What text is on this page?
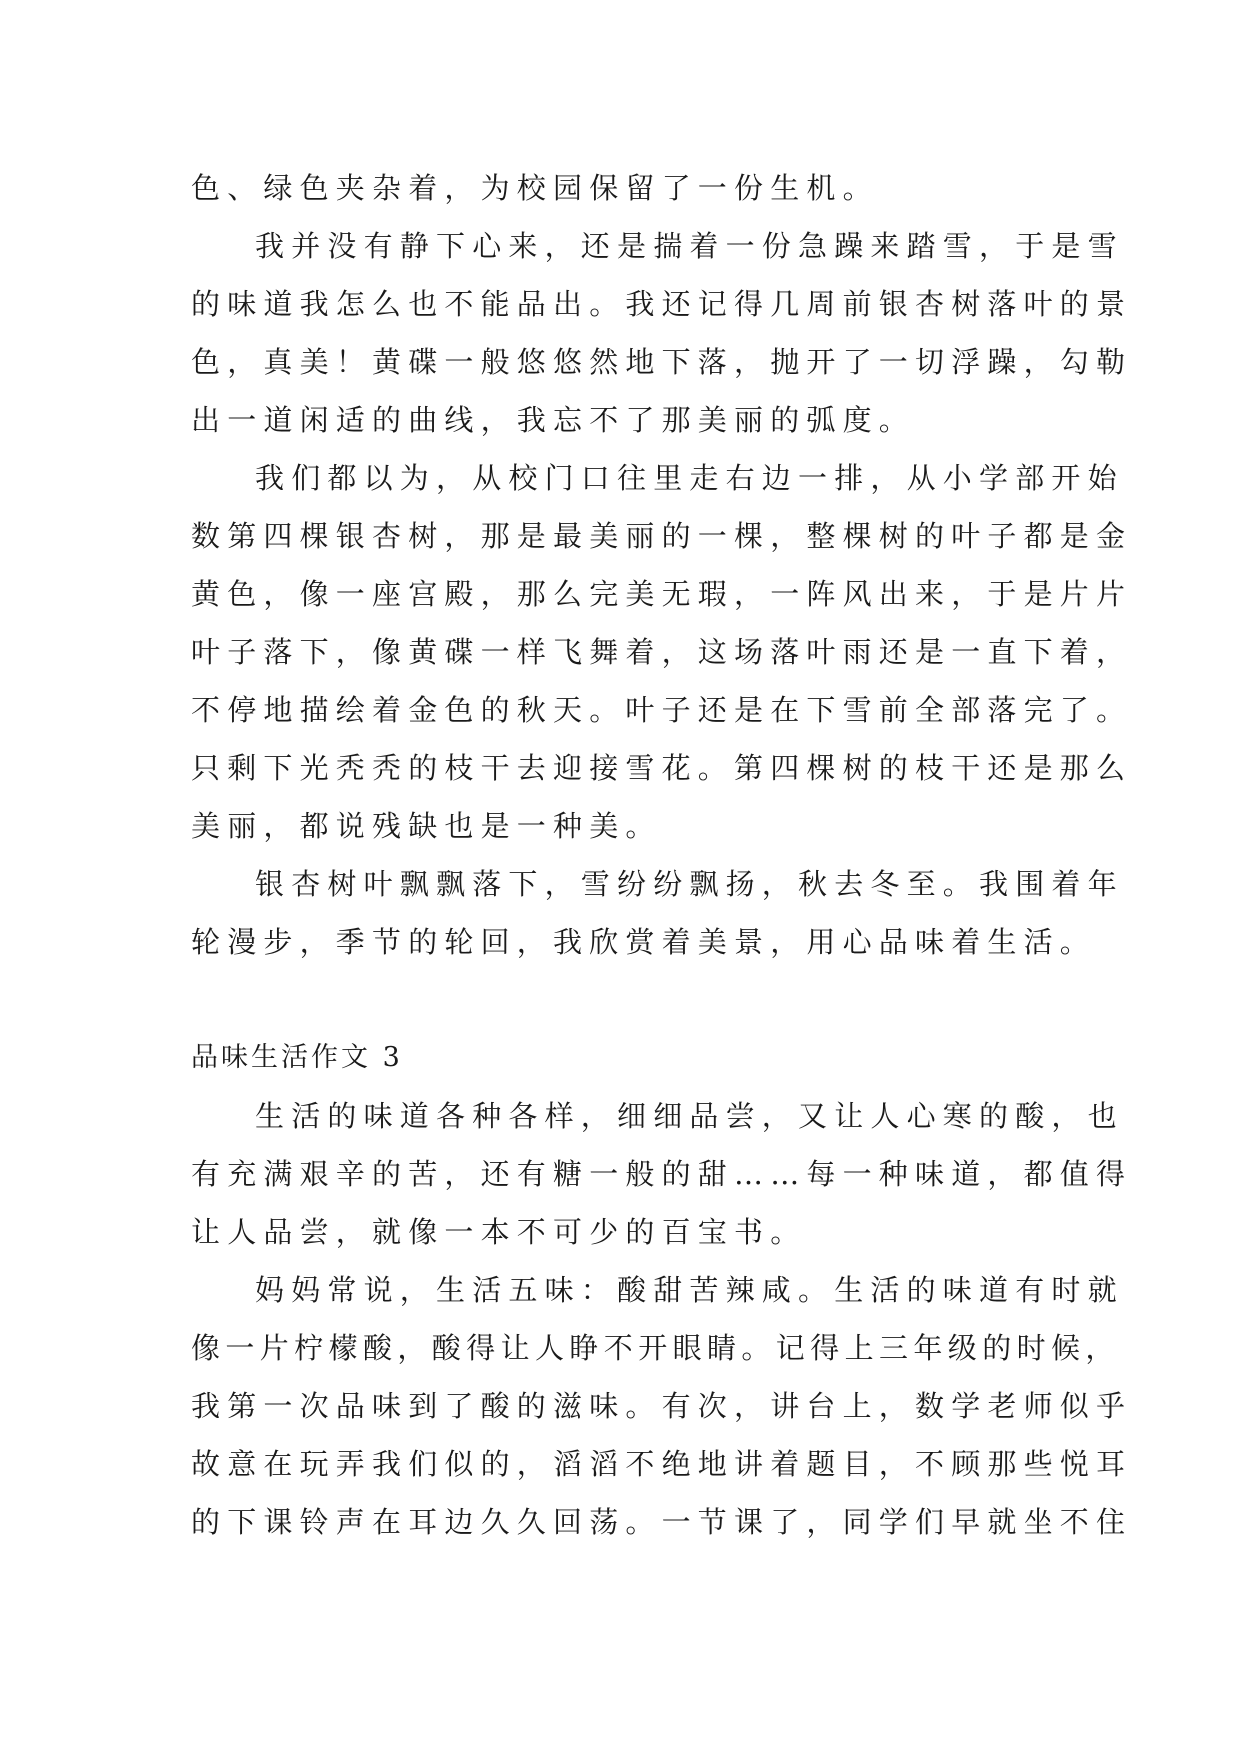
色、绿色夹杂着，为校园保留了一份生机。
我并没有静下心来，还是揣着一份急躁来踏雪，于是雪
的味道我怎么也不能品出。我还记得几周前银杏树落叶的景
色，真美！黄碟一般悠悠然地下落，抛开了一切浮躁，勾勒
出一道闲适的曲线，我忘不了那美丽的弧度。
我们都以为，从校门口往里走右边一排，从小学部开始
数第四棵银杏树，那是最美丽的一棵，整棵树的叶子都是金
黄色，像一座宫殿，那么完美无瑕，一阵风出来，于是片片
叶子落下，像黄碟一样飞舞着，这场落叶雨还是一直下着，
不停地描绘着金色的秋天。叶子还是在下雪前全部落完了。
只剩下光秃秃的枝干去迎接雪花。第四棵树的枝干还是那么
美丽，都说残缺也是一种美。
银杏树叶飘飘落下，雪纷纷飘扬，秋去冬至。我围着年
轮漫步，季节的轮回，我欣赏着美景，用心品味着生活。
品味生活作文 3
生活的味道各种各样，细细品尝，又让人心寒的酸，也
有充满艰辛的苦，还有糖一般的甜……每一种味道，都值得
让人品尝，就像一本不可少的百宝书。
妈妈常说，生活五味：酸甜苦辣咸。生活的味道有时就
像一片柠檬酸，酸得让人睁不开眼睛。记得上三年级的时候，
我第一次品味到了酸的滋味。有次，讲台上，数学老师似乎
故意在玩弄我们似的，滔滔不绝地讲着题目，不顾那些悦耳
的下课铃声在耳边久久回荡。一节课了，同学们早就坐不住
